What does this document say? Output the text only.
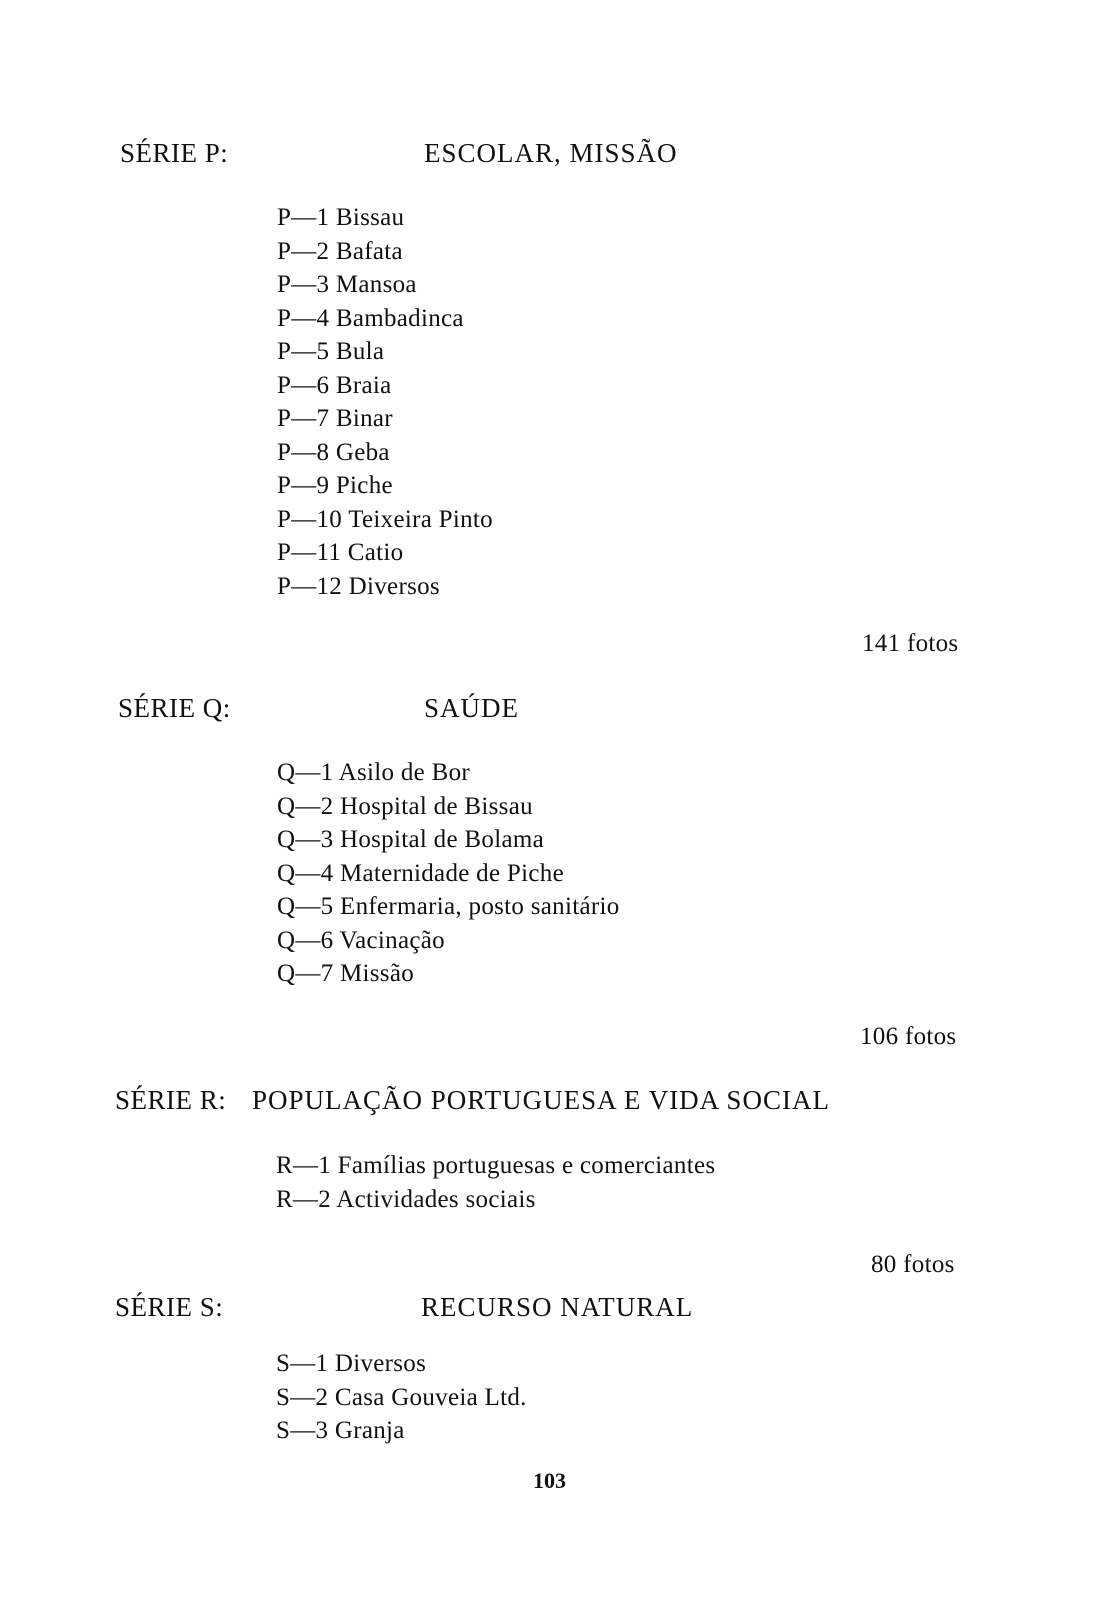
SÉRIE P:	ESCOLAR, MISSÃO
P—1 Bissau
P—2 Bafata
P—3 Mansoa
P—4 Bambadinca
P—5 Bula
P—6 Braia
P—7 Binar
P—8 Geba
P—9 Piche
P—10 Teixeira Pinto
P—11 Catio
P—12 Diversos
141 fotos
SÉRIE Q:	SAÚDE
Q—1 Asilo de Bor
Q—2 Hospital de Bissau
Q—3 Hospital de Bolama
Q—4 Maternidade de Piche
Q—5 Enfermaria, posto sanitário
Q—6 Vacinação
Q—7 Missão
106 fotos
SÉRIE R: POPULAÇÃO PORTUGUESA E VIDA SOCIAL
R—1 Famílias portuguesas e comerciantes
R—2 Actividades sociais
80 fotos
SÉRIE S:	RECURSO NATURAL
S—1 Diversos
S—2 Casa Gouveia Ltd.
S—3 Granja
103
